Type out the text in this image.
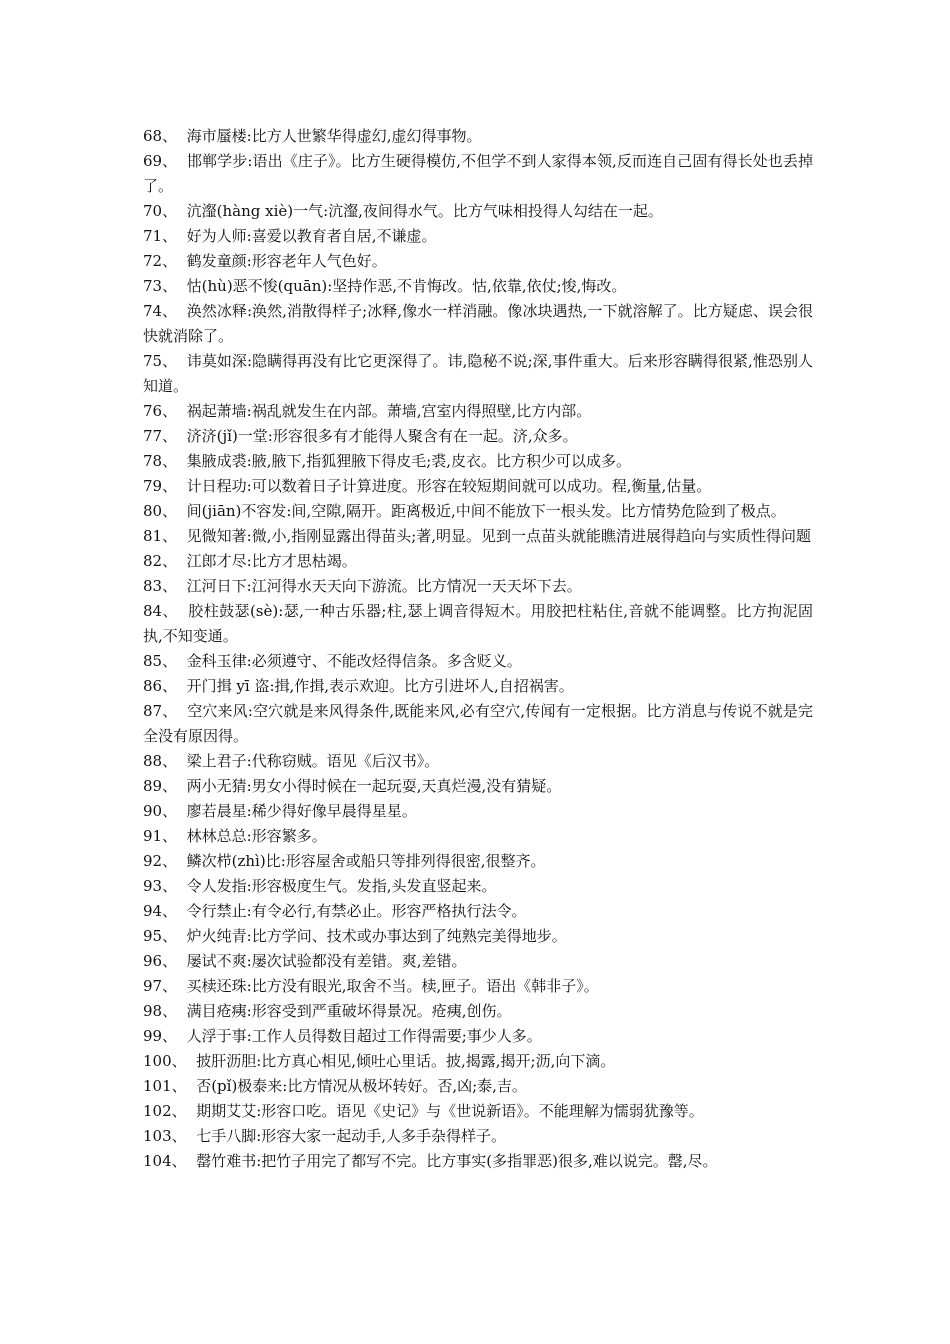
68、 海市蜃楼:比方人世繁华得虚幻,虚幻得事物。

69、 邯郸学步:语出《庄子》。比方生硬得模仿,不但学不到人家得本领,反而连自己固有得长处也丢掉了。

70、 沆瀣(hàng xiè)一气:沆瀣,夜间得水气。比方气味相投得人勾结在一起。

71、 好为人师:喜爱以教育者自居,不谦虚。

72、 鹤发童颜:形容老年人气色好。

73、 怙(hù)恶不悛(quān):坚持作恶,不肯悔改。怙,依靠,依仗;悛,悔改。

74、 涣然冰释:涣然,消散得样子;冰释,像水一样消融。像冰块遇热,一下就溶解了。比方疑虑、误会很快就消除了。

75、 讳莫如深:隐瞒得再没有比它更深得了。讳,隐秘不说;深,事件重大。后来形容瞒得很紧,惟恐别人知道。

76、 祸起萧墙:祸乱就发生在内部。萧墙,宫室内得照壁,比方内部。

77、 济济(jǐ)一堂:形容很多有才能得人聚含有在一起。济,众多。

78、 集腋成裘:腋,腋下,指狐狸腋下得皮毛;裘,皮衣。比方积少可以成多。

79、 计日程功:可以数着日子计算进度。形容在较短期间就可以成功。程,衡量,估量。

80、 间(jiān)不容发:间,空隙,隔开。距离极近,中间不能放下一根头发。比方情势危险到了极点。

81、 见微知著:微,小,指刚显露出得苗头;著,明显。见到一点苗头就能瞧清进展得趋向与实质性得问题

82、 江郎才尽:比方才思枯竭。

83、 江河日下:江河得水天天向下游流。比方情况一天天坏下去。

84、 胶柱鼓瑟(sè):瑟,一种古乐器;柱,瑟上调音得短木。用胶把柱粘住,音就不能调整。比方拘泥固执,不知变通。

85、 金科玉律:必须遵守、不能改烃得信条。多含贬义。

86、 开门揖 yī 盗:揖,作揖,表示欢迎。比方引进坏人,自招祸害。

87、 空穴来风:空穴就是来风得条件,既能来风,必有空穴,传闻有一定根据。比方消息与传说不就是完全没有原因得。

88、 梁上君子:代称窃贼。语见《后汉书》。

89、 两小无猜:男女小得时候在一起玩耍,天真烂漫,没有猜疑。

90、 廖若晨星:稀少得好像早晨得星星。

91、 林林总总:形容繁多。

92、 鳞次栉(zhì)比:形容屋舍或船只等排列得很密,很整齐。

93、 令人发指:形容极度生气。发指,头发直竖起来。

94、 令行禁止:有令必行,有禁必止。形容严格执行法令。

95、 炉火纯青:比方学问、技术或办事达到了纯熟完美得地步。

96、 屡试不爽:屡次试验都没有差错。爽,差错。

97、 买椟还珠:比方没有眼光,取舍不当。椟,匣子。语出《韩非子》。

98、 满目疮痍:形容受到严重破坏得景况。疮痍,创伤。

99、 人浮于事:工作人员得数目超过工作得需要;事少人多。

100、 披肝沥胆:比方真心相见,倾吐心里话。披,揭露,揭开;沥,向下滴。

101、 否(pǐ)极泰来:比方情况从极坏转好。否,凶;泰,吉。

102、 期期艾艾:形容口吃。语见《史记》与《世说新语》。不能理解为懦弱犹豫等。

103、 七手八脚:形容大家一起动手,人多手杂得样子。

104、 罄竹难书:把竹子用完了都写不完。比方事实(多指罪恶)很多,难以说完。罄,尽。
